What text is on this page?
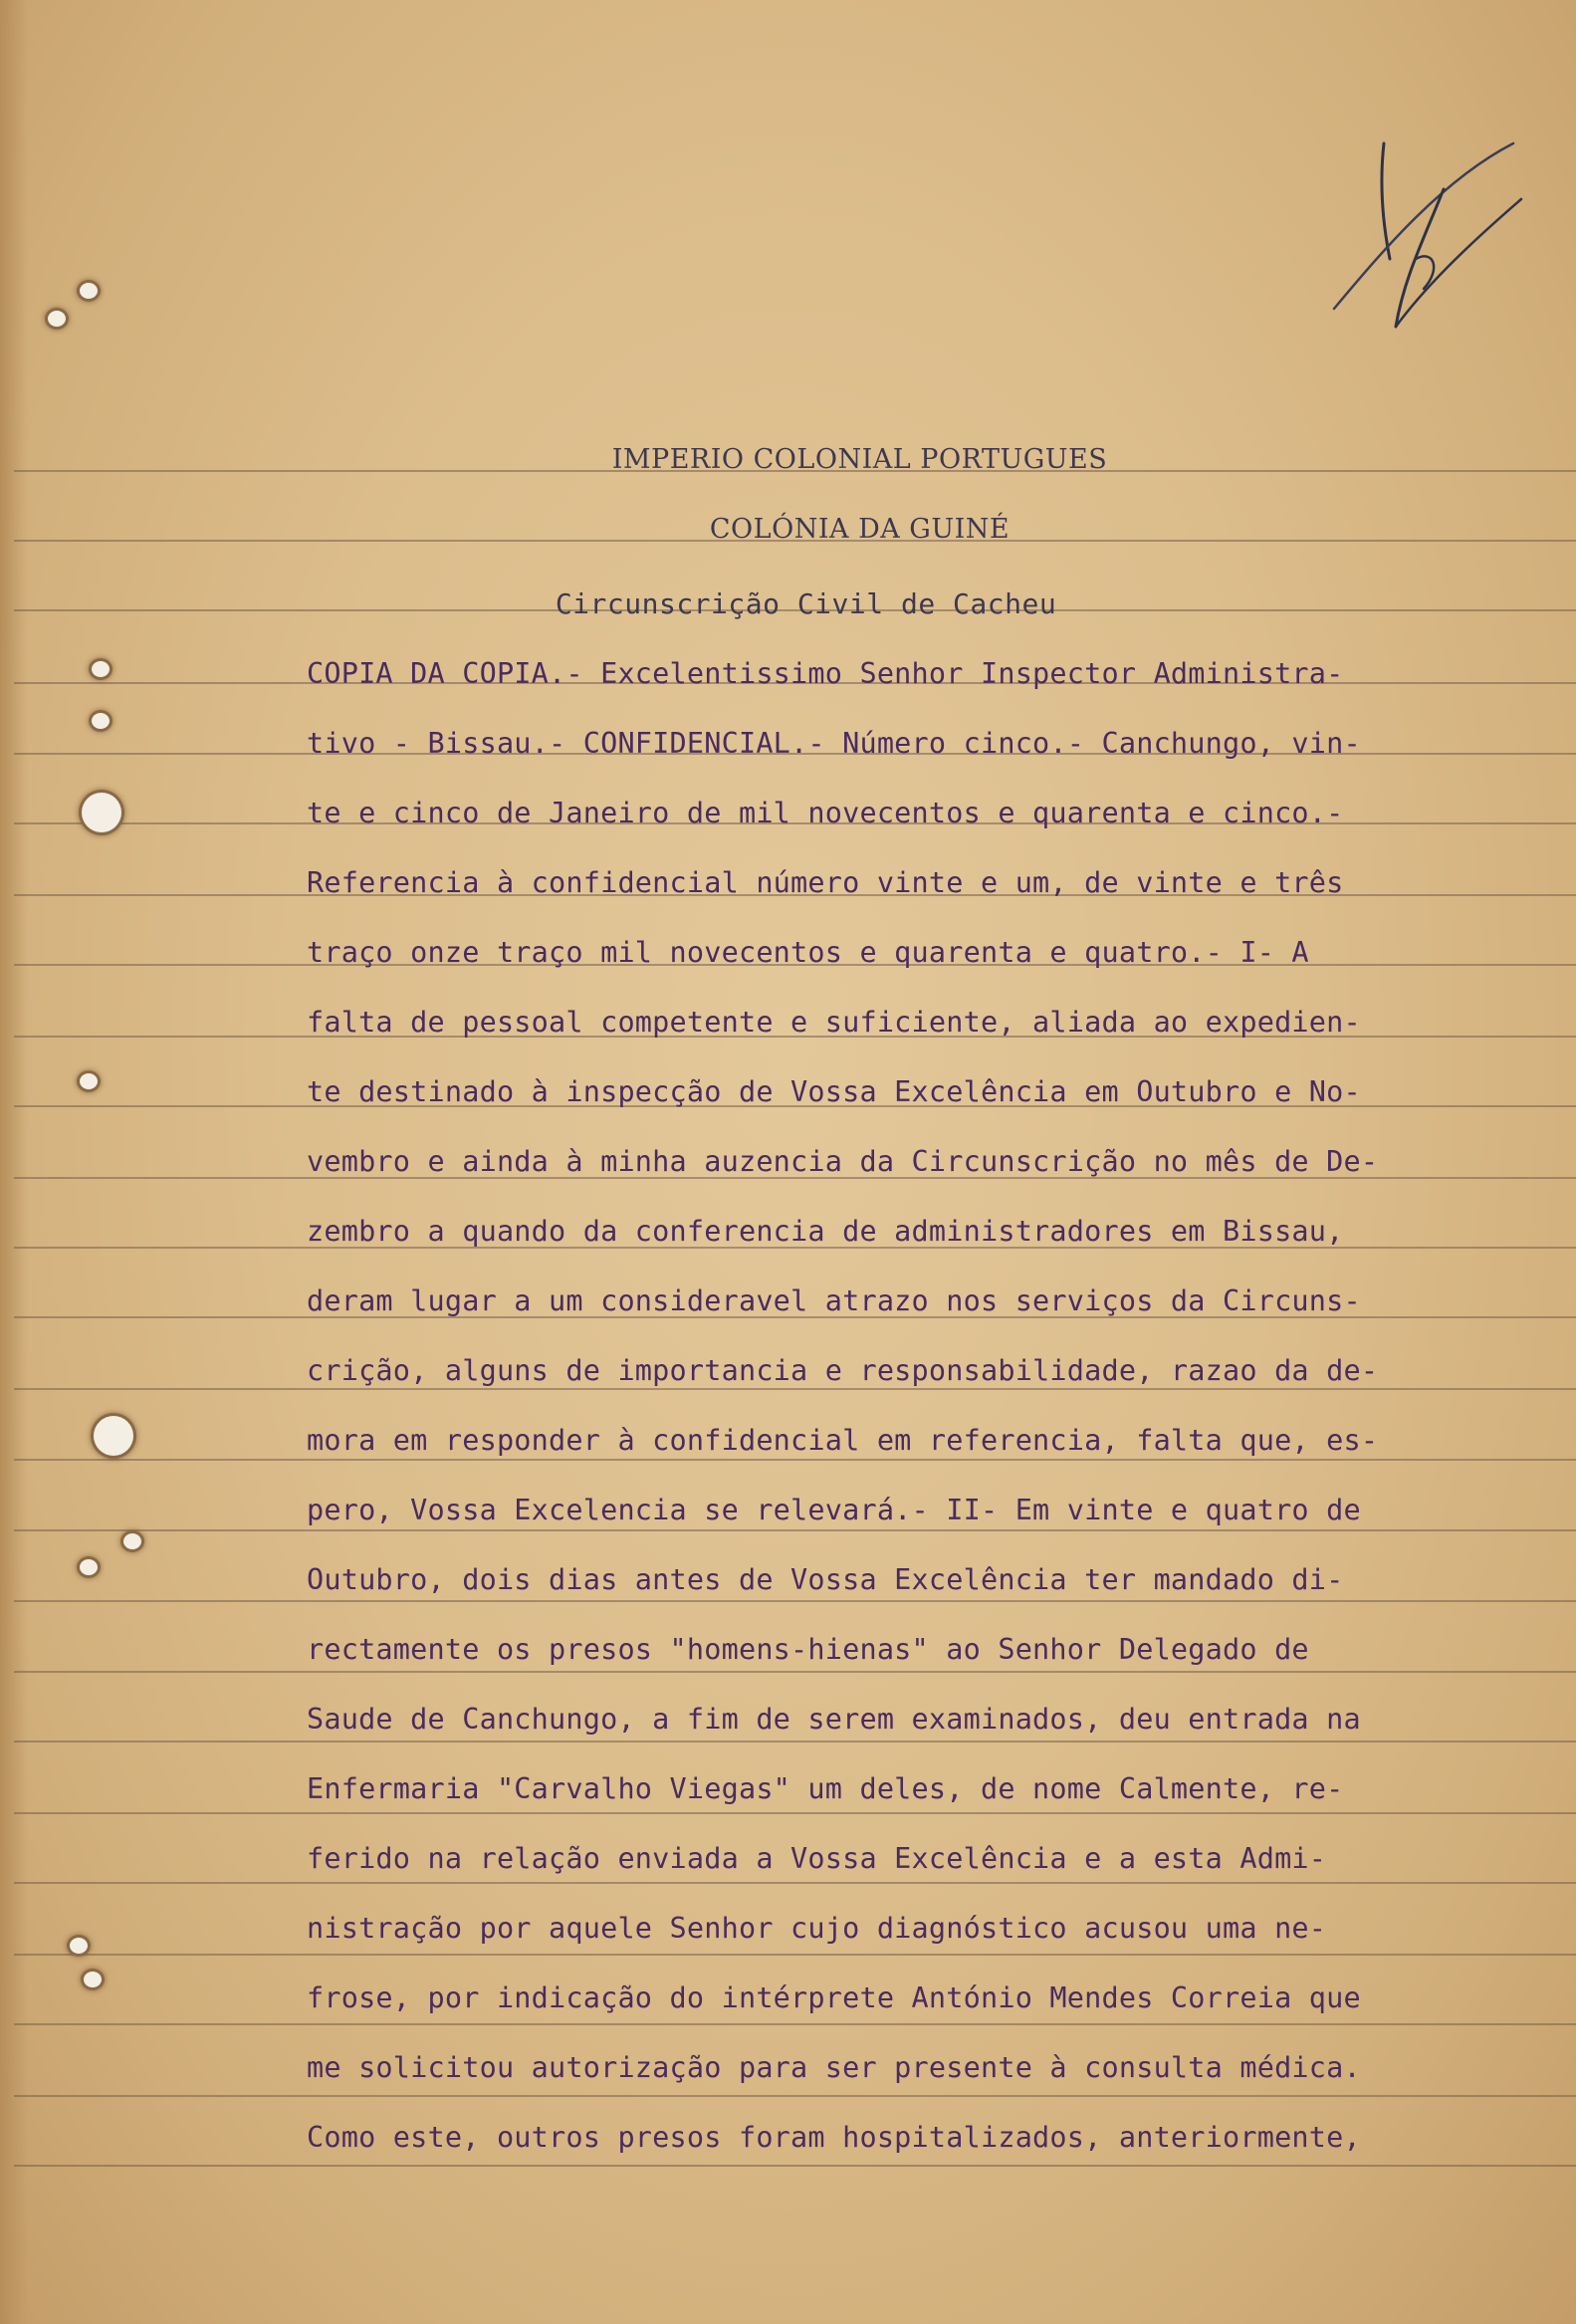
IMPERIO COLONIAL PORTUGUES
COLÓNIA DA GUINÉ
Circunscrição Civil de Cacheu
COPIA DA COPIA.- Excelentissimo Senhor Inspector Administra-
tivo - Bissau.- CONFIDENCIAL.- Número cinco.- Canchungo, vin-
te e cinco de Janeiro de mil novecentos e quarenta e cinco.-
Referencia à confidencial número vinte e um, de vinte e três
traço onze traço mil novecentos e quarenta e quatro.- I- A
falta de pessoal competente e suficiente, aliada ao expedien-
te destinado à inspecção de Vossa Excelência em Outubro e No-
vembro e ainda à minha auzencia da Circunscrição no mês de De-
zembro a quando da conferencia de administradores em Bissau,
deram lugar a um consideravel atrazo nos serviços da Circuns-
crição, alguns de importancia e responsabilidade, razao da de-
mora em responder à confidencial em referencia, falta que, es-
pero, Vossa Excelencia se relevará.- II- Em vinte e quatro de
Outubro, dois dias antes de Vossa Excelência ter mandado di-
rectamente os presos "homens-hienas" ao Senhor Delegado de
Saude de Canchungo, a fim de serem examinados, deu entrada na
Enfermaria "Carvalho Viegas" um deles, de nome Calmente, re-
ferido na relação enviada a Vossa Excelência e a esta Admi-
nistração por aquele Senhor cujo diagnóstico acusou uma ne-
frose, por indicação do intérprete António Mendes Correia que
me solicitou autorização para ser presente à consulta médica.
Como este, outros presos foram hospitalizados, anteriormente,
